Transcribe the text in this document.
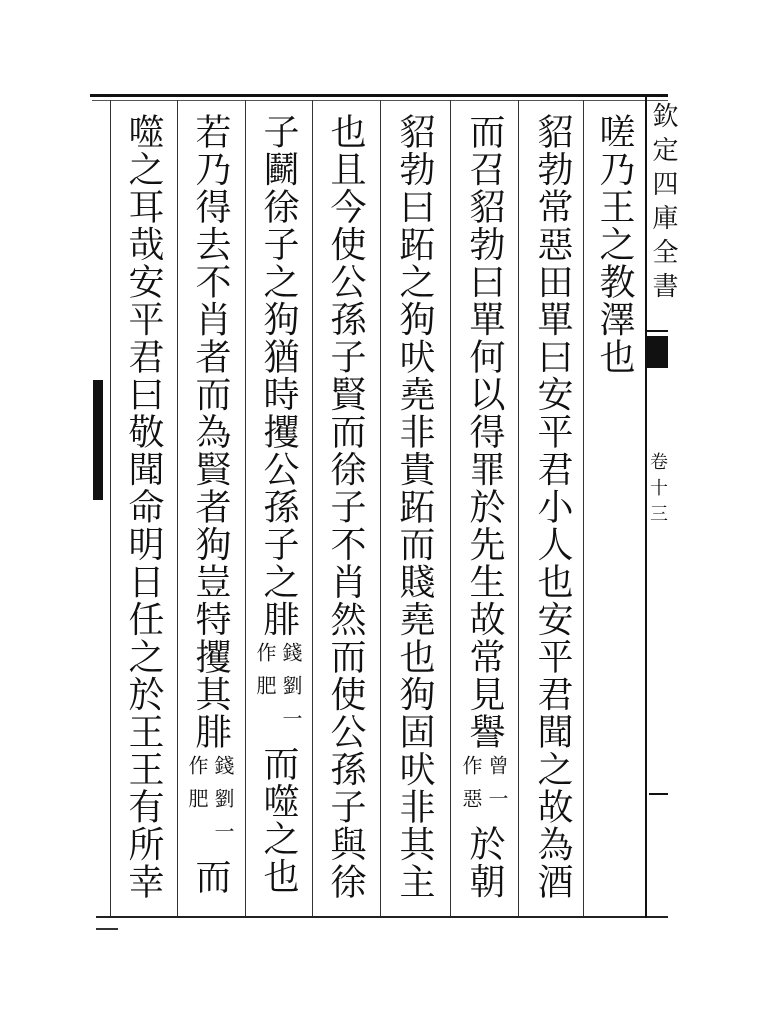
欽定四庫全書
卷十三
嗟乃王之教澤也
貂勃常惡田單曰安平君小人也安平君聞之故為酒
而召貂勃曰單何以得罪於先生故常見譽
曾一
作惡
於朝
貂勃曰跖之狗吠堯非貴跖而賤堯也狗固吠非其主
也且今使公孫子賢而徐子不肖然而使公孫子與徐
子鬬徐子之狗猶時攫公孫子之腓
錢劉一
作肥
而噬之也
若乃得去不肖者而為賢者狗豈特攫其腓
錢劉一
作肥
而
噬之耳哉安平君曰敬聞命明日任之於王王有所幸
